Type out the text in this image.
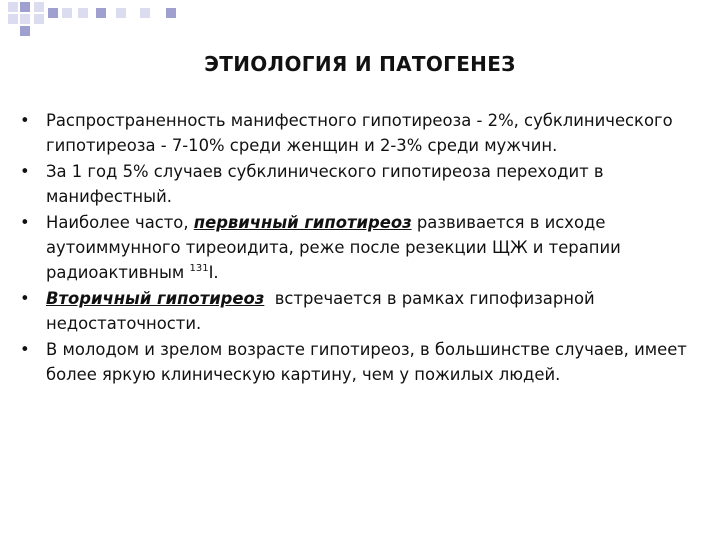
ЭТИОЛОГИЯ И ПАТОГЕНЕЗ
• Распространенность манифестного гипотиреоза - 2%, субклинического гипотиреоза - 7-10% среди женщин и 2-3% среди мужчин.
• За 1 год 5% случаев субклинического гипотиреоза переходит в манифестный.
• Наиболее часто, первичный гипотиреоз развивается в исходе аутоиммунного тиреоидита, реже после резекции ЩЖ и терапии радиоактивным $^{131}$I.
• Вторичный гипотиреоз  встречается в рамках гипофизарной недостаточности.
• В молодом и зрелом возрасте гипотиреоз, в большинстве случаев, имеет более яркую клиническую картину, чем у пожилых людей.
